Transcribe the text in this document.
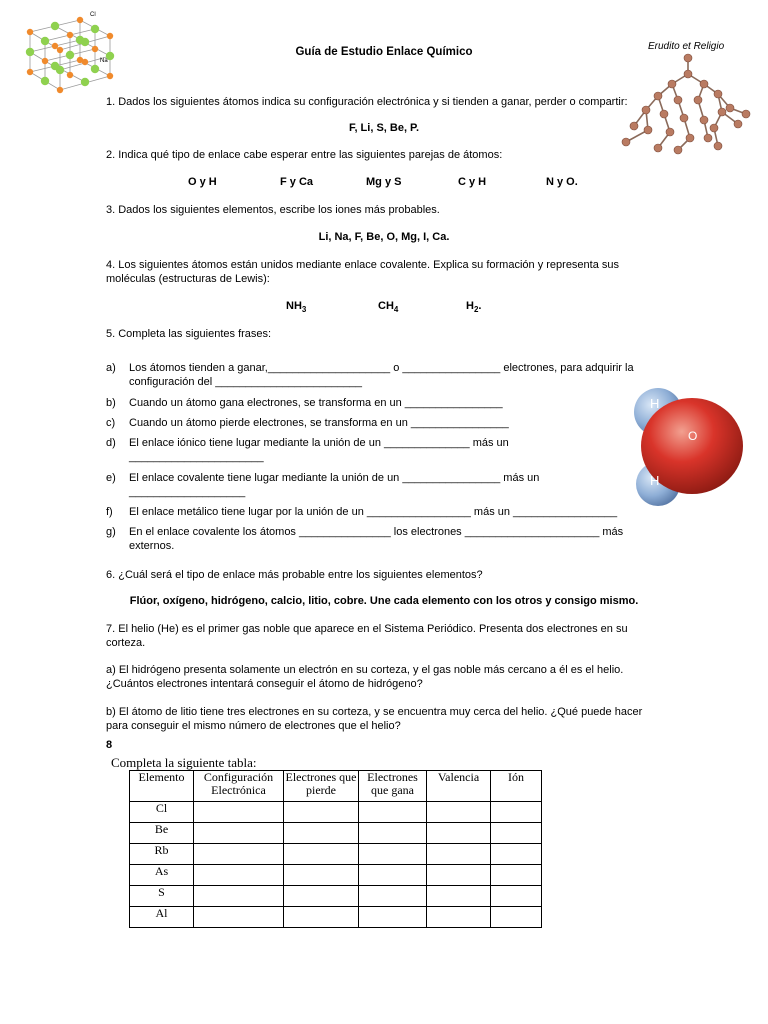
Cl
Na
Guía de Estudio Enlace Químico	Erudito et Religio
1. Dados los siguientes átomos indica su configuración electrónica y si tienden a ganar, perder o compartir:
F, Li, S, Be, P.
2. Indica qué tipo de enlace cabe esperar entre las siguientes parejas de átomos:
O y H	F y Ca	Mg y S	C y H	N y O.
3. Dados los siguientes elementos, escribe los iones más probables.
Li, Na, F, Be, O, Mg, I, Ca.
4. Los siguientes átomos están unidos mediante enlace covalente. Explica su formación y representa sus moléculas (estructuras de Lewis):
$NH_3$	$CH_4$	$H_2$.
5. Completa las siguientes frases:
a)	Los átomos tienden a ganar,____________________ o ________________ electrones, para adquirir la configuración del ________________________
b)	Cuando un átomo gana electrones, se transforma en un ________________
c)	Cuando un átomo pierde electrones, se transforma en un ________________
d)	El enlace iónico tiene lugar mediante la unión de un ______________ más un ______________________
e)	El enlace covalente tiene lugar mediante la unión de un ________________ más un ___________________
f)	El enlace metálico tiene lugar por la unión de un _________________ más un _________________
g)	En el enlace covalente los átomos _______________ los electrones ______________________ más externos.
H
O
H
6. ¿Cuál será el tipo de enlace más probable entre los siguientes elementos?
Flúor, oxígeno, hidrógeno, calcio, litio, cobre. Une cada elemento con los otros y consigo mismo.
7. El helio (He) es el primer gas noble que aparece en el Sistema Periódico. Presenta dos electrones en su corteza.
a) El hidrógeno presenta solamente un electrón en su corteza, y el gas noble más cercano a él es el helio. ¿Cuántos electrones intentará conseguir el átomo de hidrógeno?
b) El átomo de litio tiene tres electrones en su corteza, y se encuentra muy cerca del helio. ¿Qué puede hacer para conseguir el mismo número de electrones que el helio?
8
Completa la siguiente tabla:
Elemento	Configuración Electrónica	Electrones que pierde	Electrones que gana	Valencia	Ión
Cl					
Be					
Rb					
As					
S					
Al					
